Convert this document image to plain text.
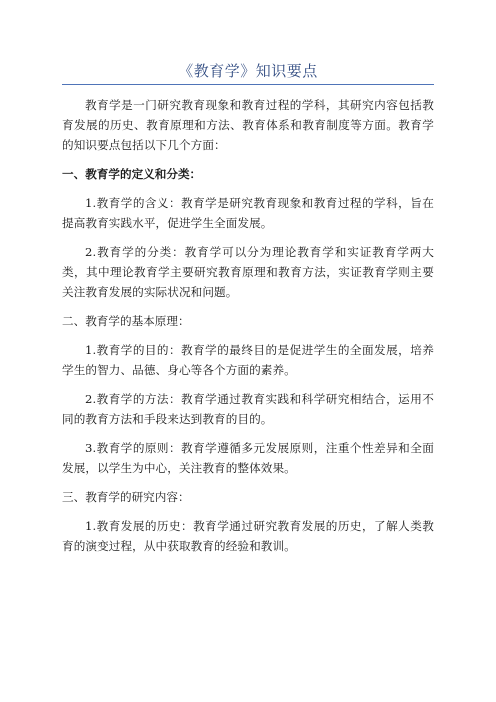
《教育学》知识要点

教育学是一门研究教育现象和教育过程的学科，其研究内容包括教育发展的历史、教育原理和方法、教育体系和教育制度等方面。教育学的知识要点包括以下几个方面：

一、教育学的定义和分类：

1.教育学的含义：教育学是研究教育现象和教育过程的学科，旨在提高教育实践水平，促进学生全面发展。

2.教育学的分类：教育学可以分为理论教育学和实证教育学两大类，其中理论教育学主要研究教育原理和教育方法，实证教育学则主要关注教育发展的实际状况和问题。

二、教育学的基本原理：

1.教育学的目的：教育学的最终目的是促进学生的全面发展，培养学生的智力、品德、身心等各个方面的素养。

2.教育学的方法：教育学通过教育实践和科学研究相结合，运用不同的教育方法和手段来达到教育的目的。

3.教育学的原则：教育学遵循多元发展原则，注重个性差异和全面发展，以学生为中心，关注教育的整体效果。

三、教育学的研究内容：

1.教育发展的历史：教育学通过研究教育发展的历史，了解人类教育的演变过程，从中获取教育的经验和教训。
